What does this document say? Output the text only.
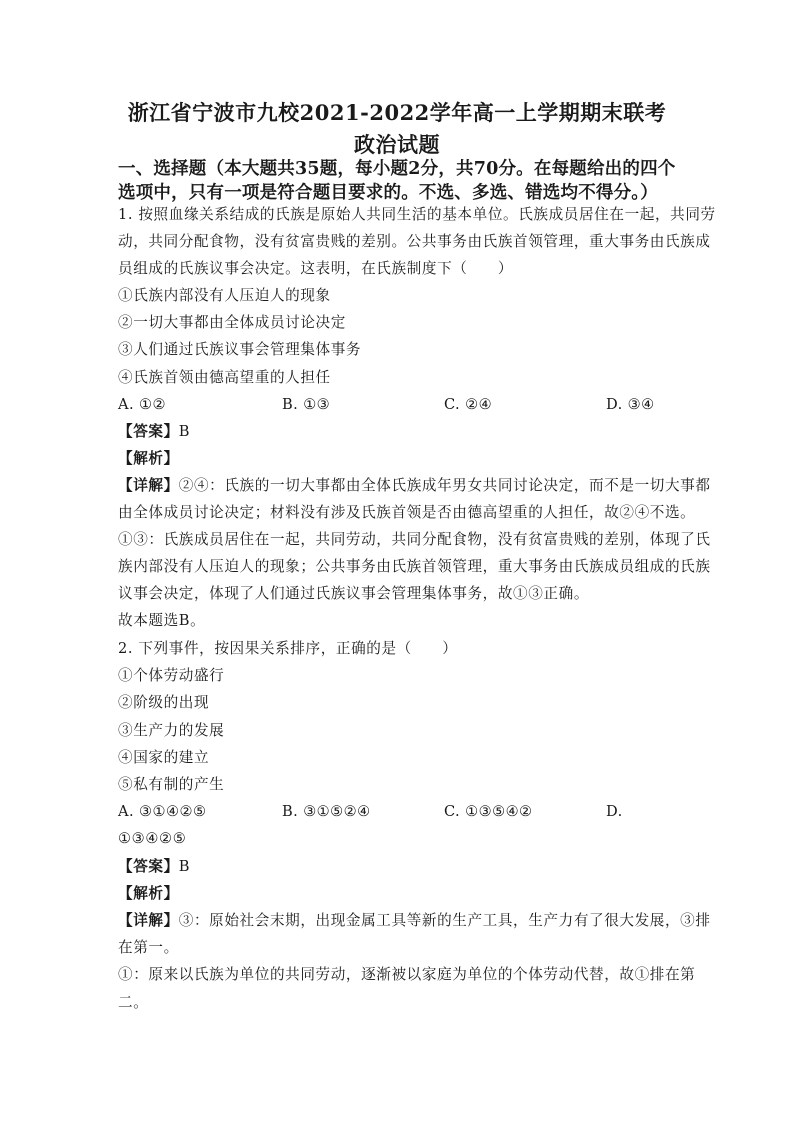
浙江省宁波市九校2021-2022学年高一上学期期末联考
政治试题
一、选择题（本大题共35题，每小题2分，共70分。在每题给出的四个选项中，只有一项是符合题目要求的。不选、多选、错选均不得分。）
1. 按照血缘关系结成的氏族是原始人共同生活的基本单位。氏族成员居住在一起，共同劳
动，共同分配食物，没有贫富贵贱的差别。公共事务由氏族首领管理，重大事务由氏族成
员组成的氏族议事会决定。这表明，在氏族制度下（　　）
①氏族内部没有人压迫人的现象
②一切大事都由全体成员讨论决定
③人们通过氏族议事会管理集体事务
④氏族首领由德高望重的人担任
A. ①②	B. ①③	C. ②④	D. ③④
【答案】B
【解析】
【详解】②④：氏族的一切大事都由全体氏族成年男女共同讨论决定，而不是一切大事都
由全体成员讨论决定；材料没有涉及氏族首领是否由德高望重的人担任，故②④不选。
①③：氏族成员居住在一起，共同劳动，共同分配食物，没有贫富贵贱的差别，体现了氏
族内部没有人压迫人的现象；公共事务由氏族首领管理，重大事务由氏族成员组成的氏族
议事会决定，体现了人们通过氏族议事会管理集体事务，故①③正确。
故本题选B。
2. 下列事件，按因果关系排序，正确的是（　　）
①个体劳动盛行
②阶级的出现
③生产力的发展
④国家的建立
⑤私有制的产生
A. ③①④②⑤	B. ③①⑤②④	C. ①③⑤④②	D.
①③④②⑤
【答案】B
【解析】
【详解】③：原始社会末期，出现金属工具等新的生产工具，生产力有了很大发展，③排
在第一。
①：原来以氏族为单位的共同劳动，逐渐被以家庭为单位的个体劳动代替，故①排在第
二。
